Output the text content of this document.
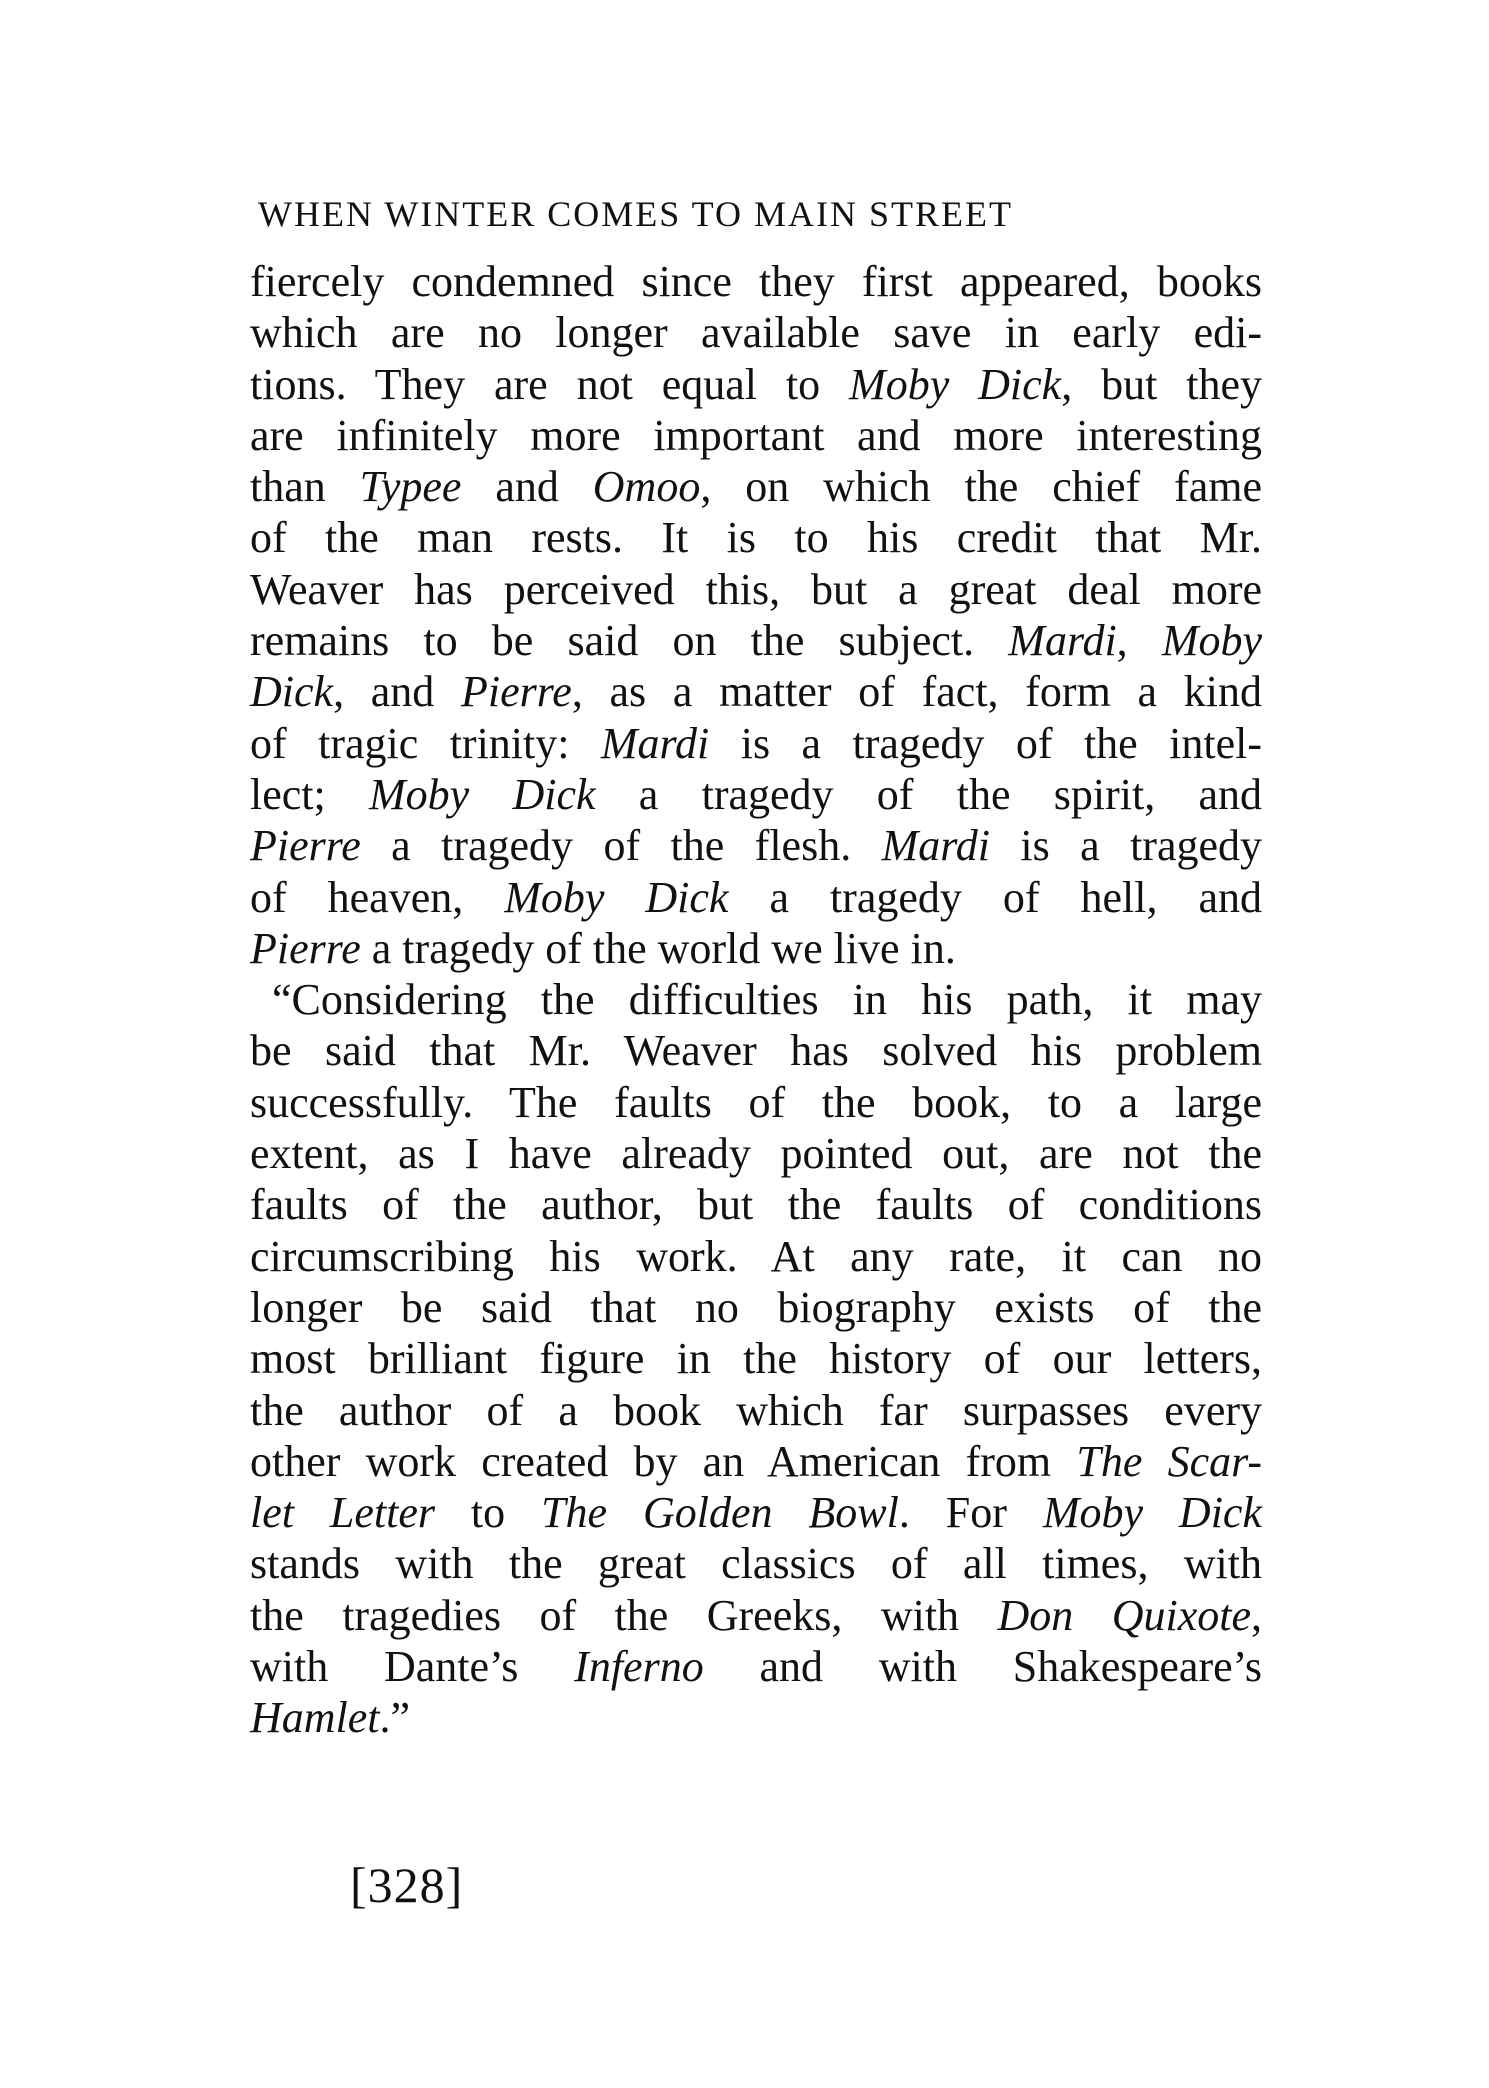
WHEN WINTER COMES TO MAIN STREET
fiercely condemned since they first appeared, books
which are no longer available save in early edi-
tions. They are not equal to Moby Dick, but they
are infinitely more important and more interesting
than Typee and Omoo, on which the chief fame
of the man rests. It is to his credit that Mr.
Weaver has perceived this, but a great deal more
remains to be said on the subject. Mardi, Moby
Dick, and Pierre, as a matter of fact, form a kind
of tragic trinity: Mardi is a tragedy of the intel-
lect; Moby Dick a tragedy of the spirit, and
Pierre a tragedy of the flesh. Mardi is a tragedy
of heaven, Moby Dick a tragedy of hell, and
Pierre a tragedy of the world we live in.
“Considering the difficulties in his path, it may
be said that Mr. Weaver has solved his problem
successfully. The faults of the book, to a large
extent, as I have already pointed out, are not the
faults of the author, but the faults of conditions
circumscribing his work. At any rate, it can no
longer be said that no biography exists of the
most brilliant figure in the history of our letters,
the author of a book which far surpasses every
other work created by an American from The Scar-
let Letter to The Golden Bowl. For Moby Dick
stands with the great classics of all times, with
the tragedies of the Greeks, with Don Quixote,
with Dante’s Inferno and with Shakespeare’s
Hamlet.”
[328]
